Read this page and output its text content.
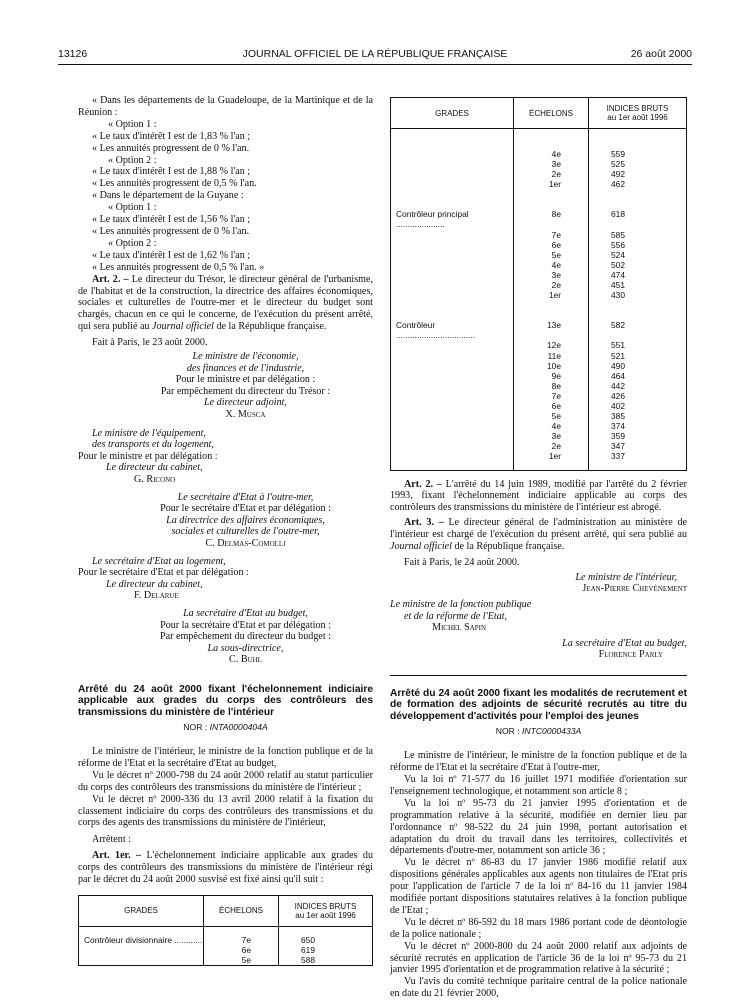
13126	JOURNAL OFFICIEL DE LA RÉPUBLIQUE FRANÇAISE	26 août 2000

« Dans les départements de la Guadeloupe, de la Martinique et de la Réunion :

« Option 1 :

« Le taux d'intérêt I est de 1,83 % l'an ;

« Les annuités progressent de 0 % l'an.

« Option 2 :

« Le taux d'intérêt I est de 1,88 % l'an ;

« Les annuités progressent de 0,5 % l'an.

« Dans le département de la Guyane :

« Option 1 :

« Le taux d'intérêt I est de 1,56 % l'an ;

« Les annuités progressent de 0 % l'an.

« Option 2 :

« Le taux d'intérêt I est de 1,62 % l'an ;

« Les annuités progressent de 0,5 % l'an. »

Art. 2. – Le directeur du Trésor, le directeur général de l'urbanisme, de l'habitat et de la construction, la directrice des affaires économiques, sociales et culturelles de l'outre-mer et le directeur du budget sont chargés, chacun en ce qui le concerne, de l'exécution du présent arrêté, qui sera publié au Journal officiel de la République française.

Fait à Paris, le 23 août 2000.

Le ministre de l'économie,

des finances et de l'industrie,

Pour le ministre et par délégation :

Par empêchement du directeur du Trésor :

Le directeur adjoint,

X. Musca

Le ministre de l'équipement,

des transports et du logement,

Pour le ministre et par délégation :

Le directeur du cabinet,

G. Ricono

Le secrétaire d'Etat à l'outre-mer,

Pour le secrétaire d'Etat et par délégation :

La directrice des affaires économiques,

sociales et culturelles de l'outre-mer,

C. Delmas-Comolli

Le secrétaire d'Etat au logement,

Pour le secrétaire d'Etat et par délégation :

Le directeur du cabinet,

F. Delarue

La secrétaire d'Etat au budget,

Pour la secrétaire d'Etat et par délégation :

Par empêchement du directeur du budget :

La sous-directrice,

C. Buhl

Arrêté du 24 août 2000 fixant l'échelonnement indiciaire applicable aux grades du corps des contrôleurs des transmissions du ministère de l'intérieur

NOR : INTA0000404A

Le ministre de l'intérieur, le ministre de la fonction publique et de la réforme de l'Etat et la secrétaire d'Etat au budget,

Vu le décret nº 2000-798 du 24 août 2000 relatif au statut particulier du corps des contrôleurs des transmissions du ministère de l'intérieur ;

Vu le décret nº 2000-336 du 13 avril 2000 relatif à la fixation du classement indiciaire du corps des contrôleurs des transmissions et du corps des agents des transmissions du ministère de l'intérieur,

Arrêtent :

Art. 1er. – L'échelonnement indiciaire applicable aux grades du corps des contrôleurs des transmissions du ministère de l'intérieur régi par le décret du 24 août 2000 susvisé est fixé ainsi qu'il suit :

GRADES	ÉCHELONS	INDICES BRUTS
au 1er août 1996

Contrôleur divisionnaire ............	7e	650
	6e	619
	5e	588
GRADES	ÉCHELONS	INDICES BRUTS
au 1er août 1996

	4e	559
	3e	525
	2e	492
	1er	462

Contrôleur principal .....................	8e	618
	7e	585
	6e	556
	5e	524
	4e	502
	3e	474
	2e	451
	1er	430

Contrôleur ..................................	13e	582
	12e	551
	11e	521
	10e	490
	9e	464
	8e	442
	7e	426
	6e	402
	5e	385
	4e	374
	3e	359
	2e	347
	1er	337

Art. 2. – L'arrêté du 14 juin 1989, modifié par l'arrêté du 2 février 1993, fixant l'échelonnement indiciaire applicable au corps des contrôleurs des transmissions du ministère de l'intérieur est abrogé.

Art. 3. – Le directeur général de l'administration au ministère de l'intérieur est chargé de l'exécution du présent arrêté, qui sera publié au Journal officiel de la République française.

Fait à Paris, le 24 août 2000.

Le ministre de l'intérieur,

Jean-Pierre Chevènement

Le ministre de la fonction publique

et de la réforme de l'Etat,

Michel Sapin

La secrétaire d'Etat au budget,

Florence Parly

Arrêté du 24 août 2000 fixant les modalités de recrutement et de formation des adjoints de sécurité recrutés au titre du développement d'activités pour l'emploi des jeunes

NOR : INTC0000433A

Le ministre de l'intérieur, le ministre de la fonction publique et de la réforme de l'Etat et la secrétaire d'Etat à l'outre-mer,

Vu la loi nº 71-577 du 16 juillet 1971 modifiée d'orientation sur l'enseignement technologique, et notamment son article 8 ;

Vu la loi nº 95-73 du 21 janvier 1995 d'orientation et de programmation relative à la sécurité, modifiée en dernier lieu par l'ordonnance nº 98-522 du 24 juin 1998, portant autorisation et adaptation du droit du travail dans les territoires, collectivités et départements d'outre-mer, notamment son article 36 ;

Vu le décret nº 86-83 du 17 janvier 1986 modifié relatif aux dispositions générales applicables aux agents non titulaires de l'Etat pris pour l'application de l'article 7 de la loi nº 84-16 du 11 janvier 1984 modifiée portant dispositions statutaires relatives à la fonction publique de l'Etat ;

Vu le décret nº 86-592 du 18 mars 1986 portant code de déontologie de la police nationale ;

Vu le décret nº 2000-800 du 24 août 2000 relatif aux adjoints de sécurité recrutés en application de l'article 36 de la loi nº 95-73 du 21 janvier 1995 d'orientation et de programmation relative à la sécurité ;

Vu l'avis du comité technique paritaire central de la police nationale en date du 21 février 2000,
